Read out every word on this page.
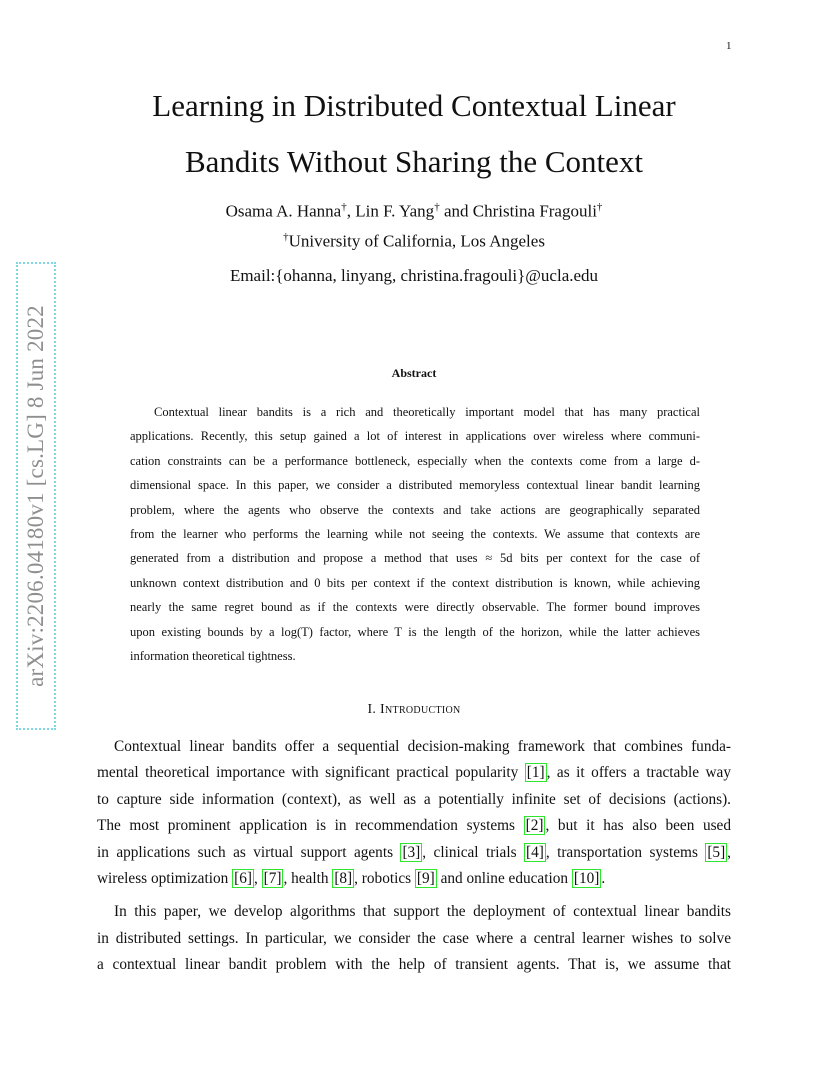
1
arXiv:2206.04180v1 [cs.LG] 8 Jun 2022
Learning in Distributed Contextual Linear
Bandits Without Sharing the Context
Osama A. Hanna†, Lin F. Yang† and Christina Fragouli†
†University of California, Los Angeles
Email:{ohanna, linyang, christina.fragouli}@ucla.edu
Abstract
Contextual linear bandits is a rich and theoretically important model that has many practical
applications. Recently, this setup gained a lot of interest in applications over wireless where communi-
cation constraints can be a performance bottleneck, especially when the contexts come from a large d-
dimensional space. In this paper, we consider a distributed memoryless contextual linear bandit learning
problem, where the agents who observe the contexts and take actions are geographically separated
from the learner who performs the learning while not seeing the contexts. We assume that contexts are
generated from a distribution and propose a method that uses ≈ 5d bits per context for the case of
unknown context distribution and 0 bits per context if the context distribution is known, while achieving
nearly the same regret bound as if the contexts were directly observable. The former bound improves
upon existing bounds by a log(T) factor, where T is the length of the horizon, while the latter achieves
information theoretical tightness.
I. Introduction
Contextual linear bandits offer a sequential decision-making framework that combines funda-
mental theoretical importance with significant practical popularity [1] , as it offers a tractable way
to capture side information (context), as well as a potentially infinite set of decisions (actions).
The most prominent application is in recommendation systems [2] , but it has also been used
in applications such as virtual support agents [3] , clinical trials [4] , transportation systems [5] ,
wireless optimization [6] , [7] , health [8] , robotics [9] and online education [10] .
In this paper, we develop algorithms that support the deployment of contextual linear bandits
in distributed settings. In particular, we consider the case where a central learner wishes to solve
a contextual linear bandit problem with the help of transient agents. That is, we assume that
